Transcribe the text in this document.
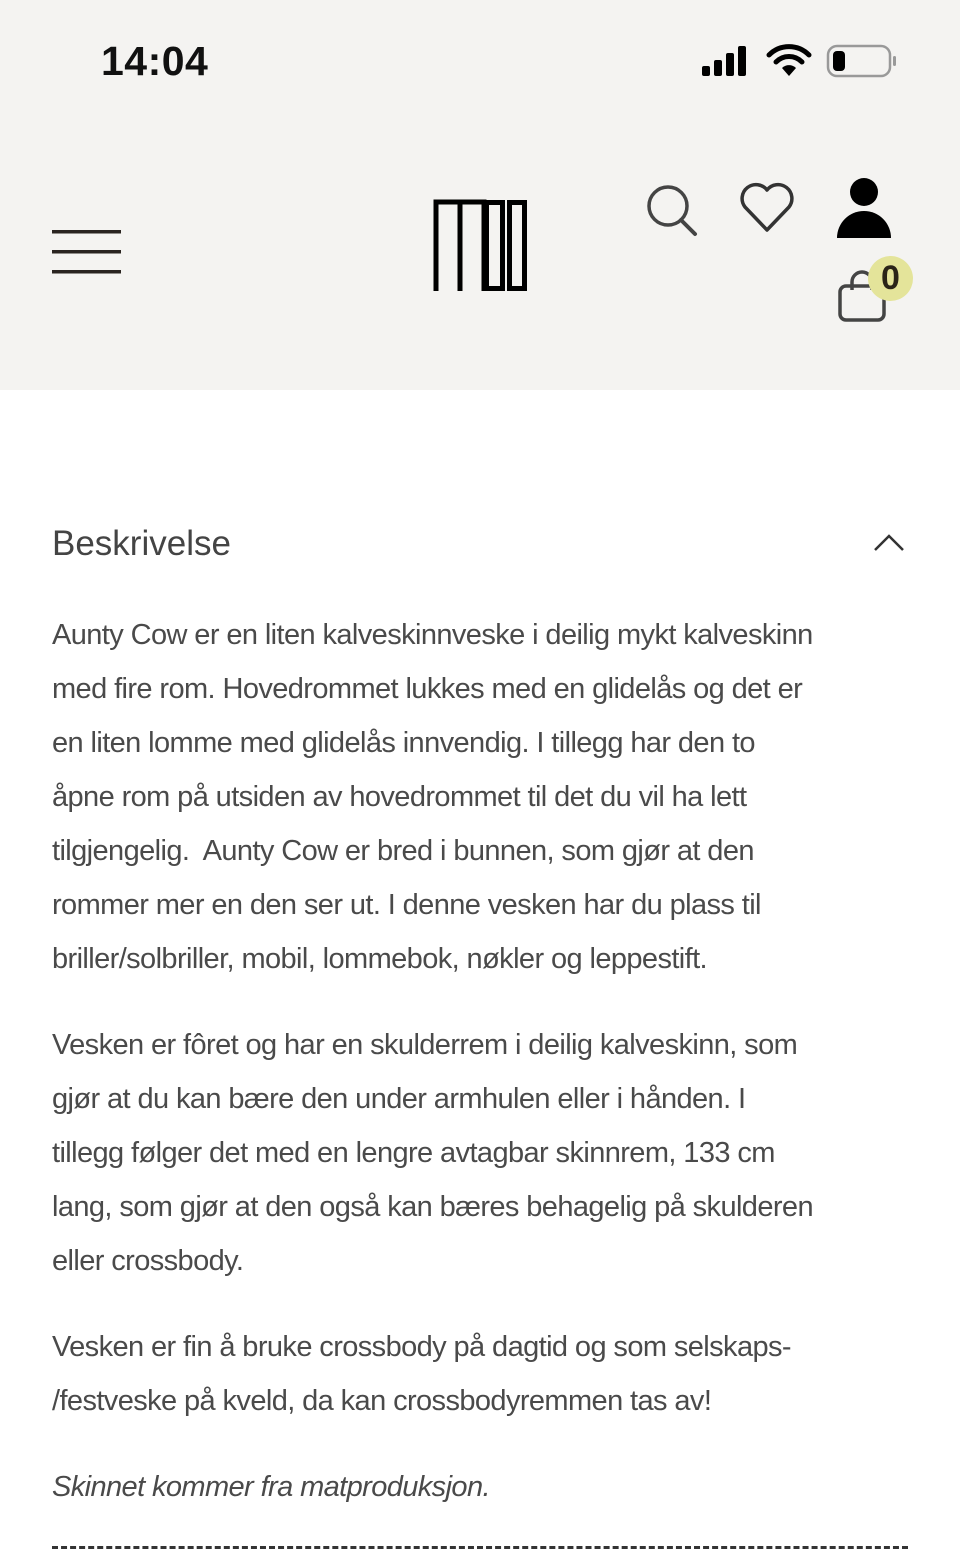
14:04
0
Beskrivelse
Aunty Cow er en liten kalveskinnveske i deilig mykt kalveskinn
med fire rom. Hovedrommet lukkes med en glidelås og det er
en liten lomme med glidelås innvendig. I tillegg har den to
åpne rom på utsiden av hovedrommet til det du vil ha lett
tilgjengelig.  Aunty Cow er bred i bunnen, som gjør at den
rommer mer en den ser ut. I denne vesken har du plass til
briller/solbriller, mobil, lommebok, nøkler og leppestift.
Vesken er fôret og har en skulderrem i deilig kalveskinn, som
gjør at du kan bære den under armhulen eller i hånden. I
tillegg følger det med en lengre avtagbar skinnrem, 133 cm
lang, som gjør at den også kan bæres behagelig på skulderen
eller crossbody.
Vesken er fin å bruke crossbody på dagtid og som selskaps-
/festveske på kveld, da kan crossbodyremmen tas av!
Skinnet kommer fra matproduksjon.
